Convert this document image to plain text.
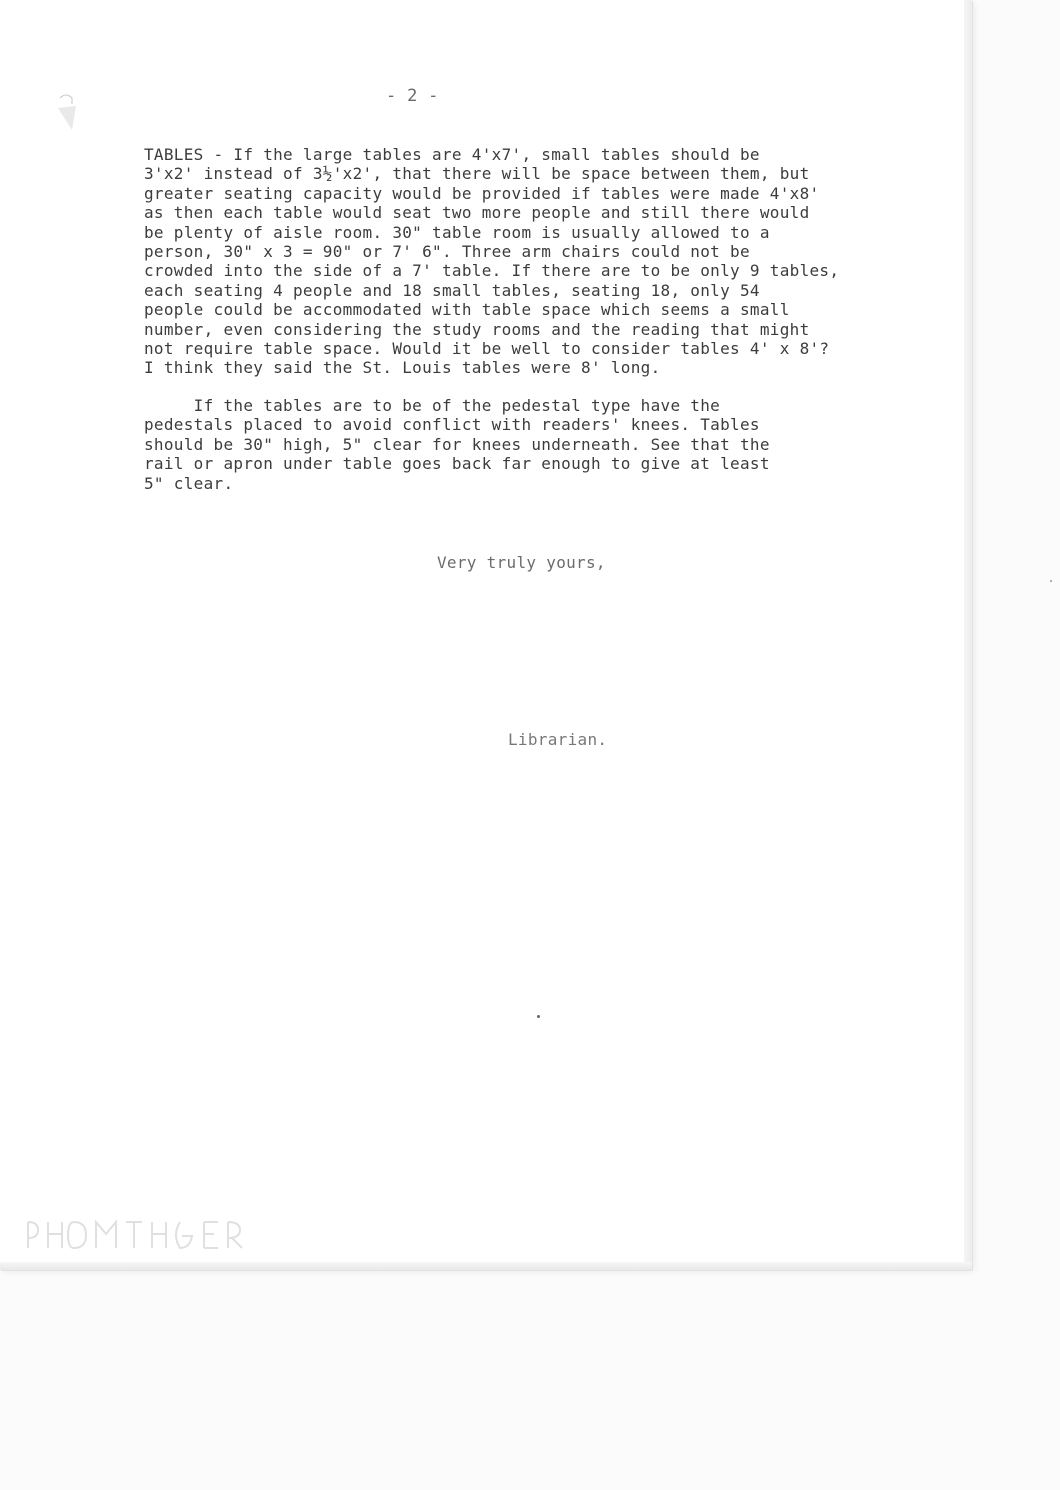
- 2 -
TABLES - If the large tables are 4'x7', small tables should be
3'x2' instead of 3½'x2', that there will be space between them, but
greater seating capacity would be provided if tables were made 4'x8'
as then each table would seat two more people and still there would
be plenty of aisle room. 30" table room is usually allowed to a
person, 30" x 3 = 90" or 7' 6". Three arm chairs could not be
crowded into the side of a 7' table. If there are to be only 9 tables,
each seating 4 people and 18 small tables, seating 18, only 54
people could be accommodated with table space which seems a small
number, even considering the study rooms and the reading that might
not require table space. Would it be well to consider tables 4' x 8'?
I think they said the St. Louis tables were 8' long.
If the tables are to be of the pedestal type have the
pedestals placed to avoid conflict with readers' knees. Tables
should be 30" high, 5" clear for knees underneath. See that the
rail or apron under table goes back far enough to give at least
5" clear.
Very truly yours,
Librarian.
